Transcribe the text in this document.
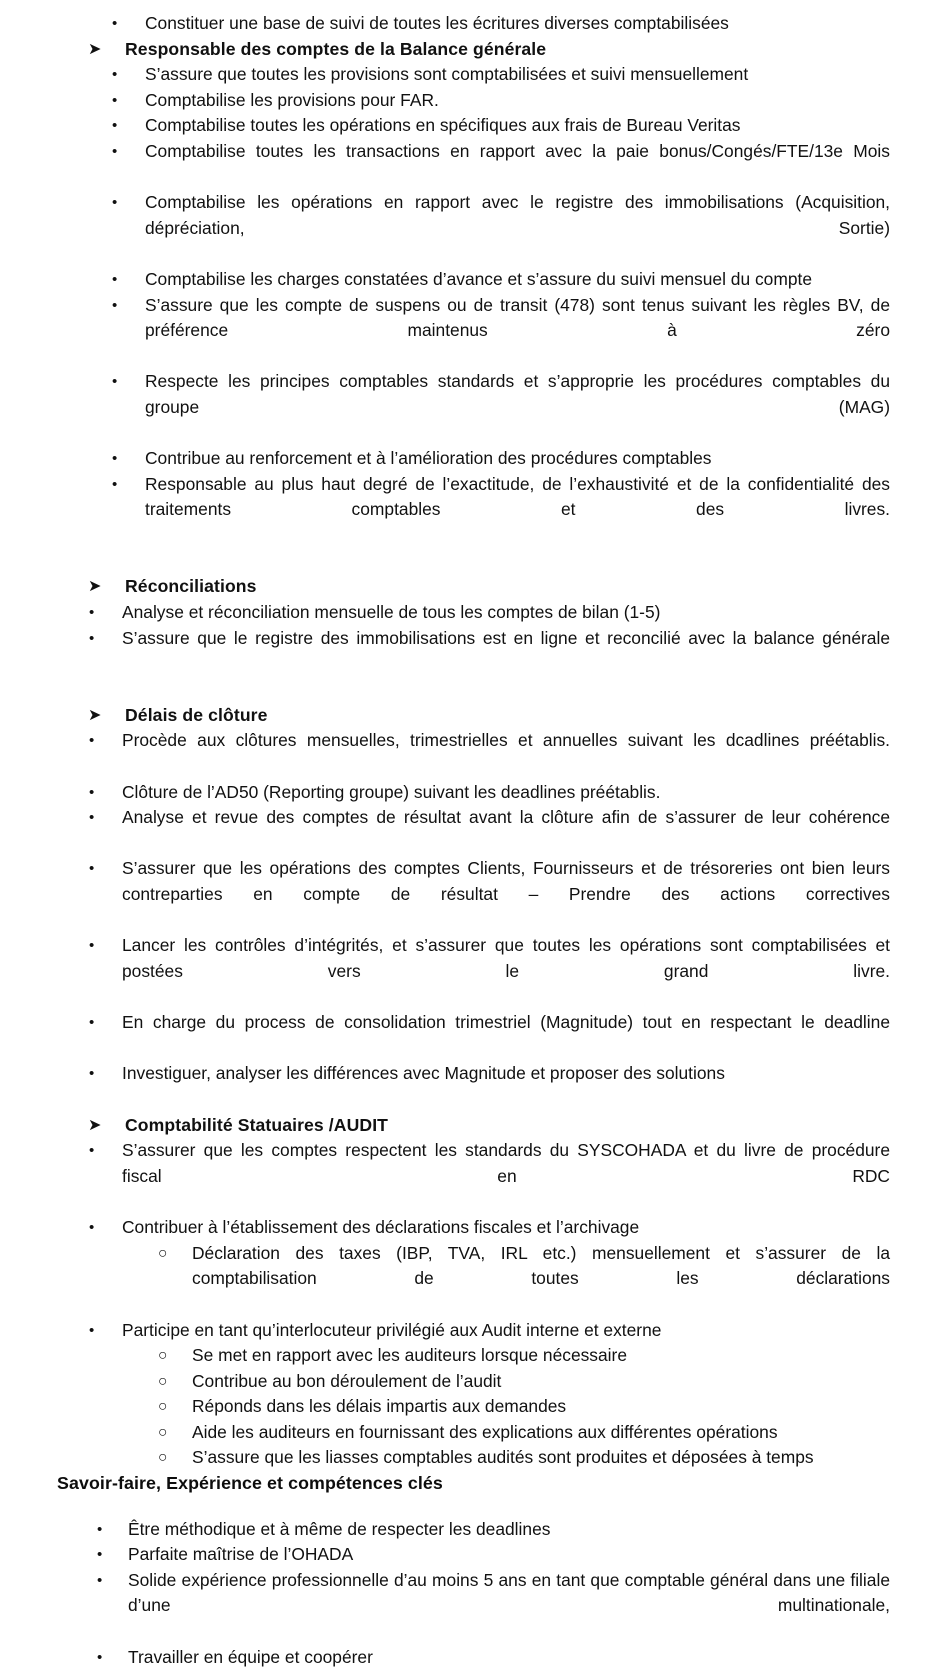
• Constituer une base de suivi de toutes les écritures diverses comptabilisées
➤ Responsable des comptes de la Balance générale
• S’assure que toutes les provisions sont comptabilisées et suivi mensuellement
• Comptabilise les provisions pour FAR.
• Comptabilise toutes les opérations en spécifiques aux frais de Bureau Veritas
• Comptabilise toutes les transactions en rapport avec la paie bonus/Congés/FTE/13e Mois
• Comptabilise les opérations en rapport avec le registre des immobilisations (Acquisition, dépréciation, Sortie)
• Comptabilise les charges constatées d’avance et s’assure du suivi mensuel du compte
• S’assure que les compte de suspens ou de transit (478) sont tenus suivant les règles BV, de préférence maintenus à zéro
• Respecte les principes comptables standards et s’approprie les procédures comptables du groupe (MAG)
• Contribue au renforcement et à l’amélioration des procédures comptables
• Responsable au plus haut degré de l’exactitude, de l’exhaustivité et de la confidentialité des traitements comptables et des livres.
➤ Réconciliations
• Analyse et réconciliation mensuelle de tous les comptes de bilan (1-5)
• S’assure que le registre des immobilisations est en ligne et reconcilié avec la balance générale
➤ Délais de clôture
• Procède aux clôtures mensuelles, trimestrielles et annuelles suivant les dcadlines préétablis.
• Clôture de l’AD50 (Reporting groupe) suivant les deadlines préétablis.
• Analyse et revue des comptes de résultat avant la clôture afin de s’assurer de leur cohérence
• S’assurer que les opérations des comptes Clients, Fournisseurs et de trésoreries ont bien leurs contreparties en compte de résultat – Prendre des actions correctives
• Lancer les contrôles d’intégrités, et s’assurer que toutes les opérations sont comptabilisées et postées vers le grand livre.
• En charge du process de consolidation trimestriel (Magnitude) tout en respectant le deadline
• Investiguer, analyser les différences avec Magnitude et proposer des solutions
➤ Comptabilité Statuaires /AUDIT
• S’assurer que les comptes respectent les standards du SYSCOHADA et du livre de procédure fiscal en RDC
• Contribuer à l’établissement des déclarations fiscales et l’archivage
○ Déclaration des taxes (IBP, TVA, IRL etc.) mensuellement et s’assurer de la comptabilisation de toutes les déclarations
• Participe en tant qu’interlocuteur privilégié aux Audit interne et externe
○ Se met en rapport avec les auditeurs lorsque nécessaire
○ Contribue au bon déroulement de l’audit
○ Réponds dans les délais impartis aux demandes
○ Aide les auditeurs en fournissant des explications aux différentes opérations
○ S’assure que les liasses comptables audités sont produites et déposées à temps
Savoir-faire, Expérience et compétences clés
• Être méthodique et à même de respecter les deadlines
• Parfaite maîtrise de l’OHADA
• Solide expérience professionnelle d’au moins 5 ans en tant que comptable général dans une filiale d’une multinationale,
• Travailler en équipe et coopérer
